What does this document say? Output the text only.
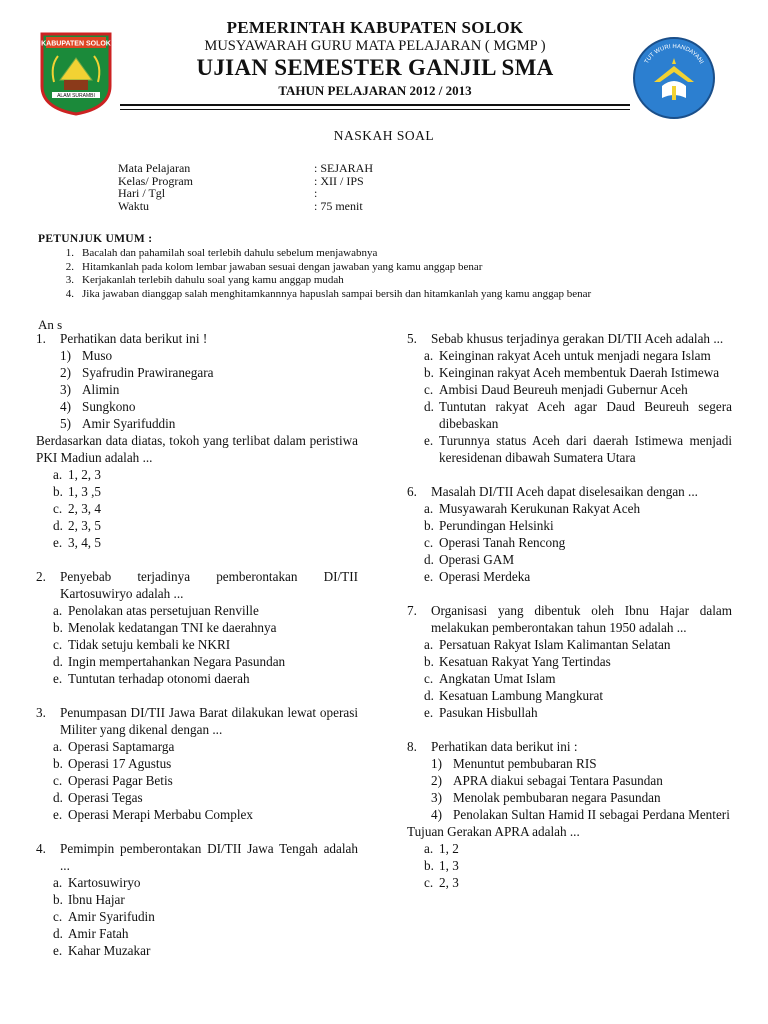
KABUPATEN SOLOK
ALAM SURAMBI
PEMERINTAH KABUPATEN SOLOK
MUSYAWARAH GURU MATA PELAJARAN ( MGMP )
UJIAN SEMESTER GANJIL SMA
TAHUN PELAJARAN 2012 / 2013
TUT WURI HANDAYANI
NASKAH SOAL
Mata Pelajaran	: SEJARAH
Kelas/ Program	: XII / IPS
Hari / Tgl	:
Waktu	: 75 menit
PETUNJUK UMUM :
1. Bacalah dan pahamilah soal terlebih dahulu sebelum menjawabnya
2. Hitamkanlah pada kolom lembar jawaban sesuai dengan jawaban yang kamu anggap benar
3. Kerjakanlah terlebih dahulu soal yang kamu anggap mudah
4. Jika jawaban dianggap salah menghitamkannnya hapuslah sampai bersih dan hitamkanlah yang kamu anggap benar
An s
1. Perhatikan data berikut ini !
1) Muso
2) Syafrudin Prawiranegara
3) Alimin
4) Sungkono
5) Amir Syarifuddin
Berdasarkan data diatas, tokoh yang terlibat dalam peristiwa PKI Madiun adalah ...
a. 1, 2, 3
b. 1, 3 ,5
c. 2, 3, 4
d. 2, 3, 5
e. 3, 4, 5
2. Penyebab terjadinya pemberontakan DI/TII Kartosuwiryo adalah ...
a. Penolakan atas persetujuan Renville
b. Menolak kedatangan TNI ke daerahnya
c. Tidak setuju kembali ke NKRI
d. Ingin mempertahankan Negara Pasundan
e. Tuntutan terhadap otonomi daerah
3. Penumpasan DI/TII Jawa Barat dilakukan lewat operasi Militer yang dikenal dengan ...
a. Operasi Saptamarga
b. Operasi 17 Agustus
c. Operasi Pagar Betis
d. Operasi Tegas
e. Operasi Merapi Merbabu Complex
4. Pemimpin pemberontakan DI/TII Jawa Tengah adalah ...
a. Kartosuwiryo
b. Ibnu Hajar
c. Amir Syarifudin
d. Amir Fatah
e. Kahar Muzakar
5. Sebab khusus terjadinya gerakan DI/TII Aceh adalah ...
a. Keinginan rakyat Aceh untuk menjadi negara Islam
b. Keinginan rakyat Aceh membentuk Daerah Istimewa
c. Ambisi Daud Beureuh menjadi Gubernur Aceh
d. Tuntutan rakyat Aceh agar Daud Beureuh segera dibebaskan
e. Turunnya status Aceh dari daerah Istimewa menjadi keresidenan dibawah Sumatera Utara
6. Masalah DI/TII Aceh dapat diselesaikan dengan ...
a. Musyawarah Kerukunan Rakyat Aceh
b. Perundingan Helsinki
c. Operasi Tanah Rencong
d. Operasi GAM
e. Operasi Merdeka
7. Organisasi yang dibentuk oleh Ibnu Hajar dalam melakukan pemberontakan tahun 1950 adalah ...
a. Persatuan Rakyat Islam Kalimantan Selatan
b. Kesatuan Rakyat Yang Tertindas
c. Angkatan Umat Islam
d. Kesatuan Lambung Mangkurat
e. Pasukan Hisbullah
8. Perhatikan data berikut ini :
1) Menuntut pembubaran RIS
2) APRA diakui sebagai Tentara Pasundan
3) Menolak pembubaran negara Pasundan
4) Penolakan Sultan Hamid II sebagai Perdana Menteri
Tujuan Gerakan APRA adalah ...
a. 1, 2
b. 1, 3
c. 2, 3
